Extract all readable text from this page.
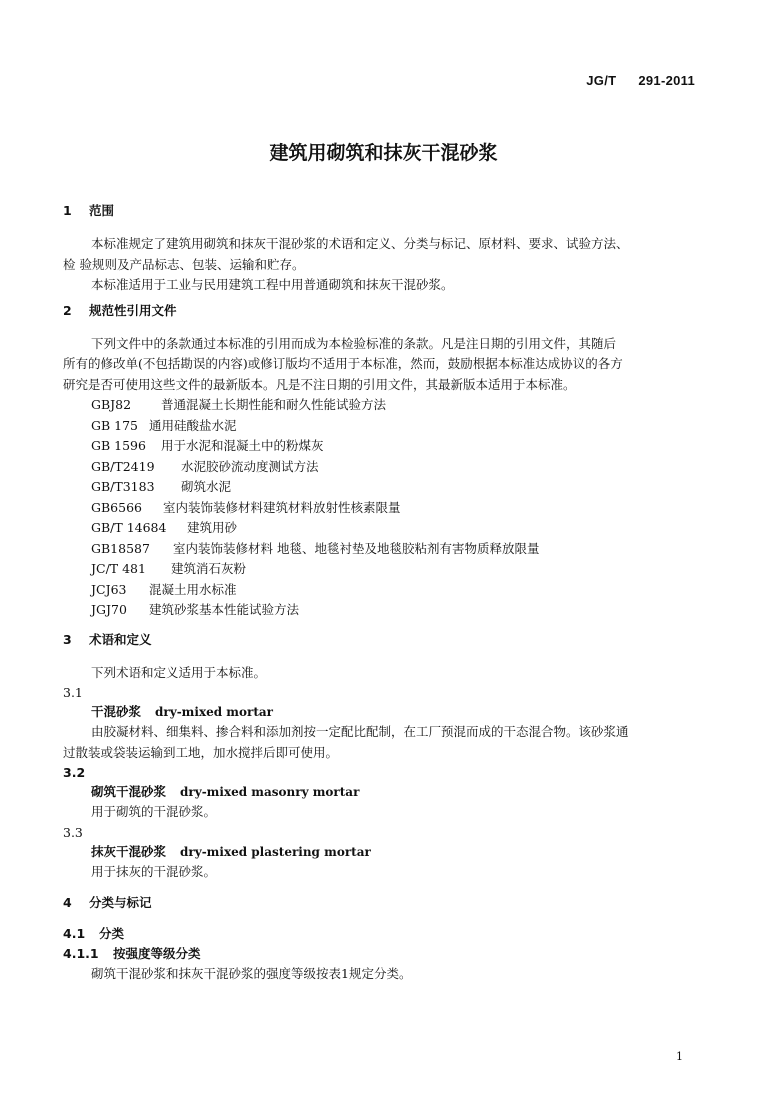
JG/T 291-2011
建筑用砌筑和抹灰干混砂浆
1 范围

本标准规定了建筑用砌筑和抹灰干混砂浆的术语和定义、分类与标记、原材料、要求、试验方法、

检 验规则及产品标志、包装、运输和贮存。

本标准适用于工业与民用建筑工程中用普通砌筑和抹灰干混砂浆。

2 规范性引用文件

下列文件中的条款通过本标准的引用而成为本检验标准的条款。凡是注日期的引用文件，其随后

所有的修改单(不包括勘误的内容)或修订版均不适用于本标准，然而，鼓励根据本标准达成协议的各方

研究是否可使用这些文件的最新版本。凡是不注日期的引用文件，其最新版本适用于本标准。

GBJ82 普通混凝土长期性能和耐久性能试验方法
GB 175 通用硅酸盐水泥
GB 1596 用于水泥和混凝土中的粉煤灰
GB/T2419 水泥胶砂流动度测试方法
GB/T3183 砌筑水泥
GB6566 室内装饰装修材料建筑材料放射性核素限量
GB/T 14684 建筑用砂
GB18587 室内装饰装修材料 地毯、地毯衬垫及地毯胶粘剂有害物质释放限量
JC/T 481 建筑消石灰粉
JCJ63 混凝土用水标准
JGJ70 建筑砂浆基本性能试验方法
3 术语和定义

下列术语和定义适用于本标准。

3.1

干混砂浆 dry-mixed mortar

由胶凝材料、细集料、掺合料和添加剂按一定配比配制，在工厂预混而成的干态混合物。该砂浆通

过散装或袋装运输到工地，加水搅拌后即可使用。

3.2

砌筑干混砂浆 dry-mixed masonry mortar

用于砌筑的干混砂浆。

3.3

抹灰干混砂浆 dry-mixed plastering mortar

用于抹灰的干混砂浆。

4 分类与标记
4.1 分类
4.1.1 按强度等级分类

砌筑干混砂浆和抹灰干混砂浆的强度等级按表1规定分类。

1
